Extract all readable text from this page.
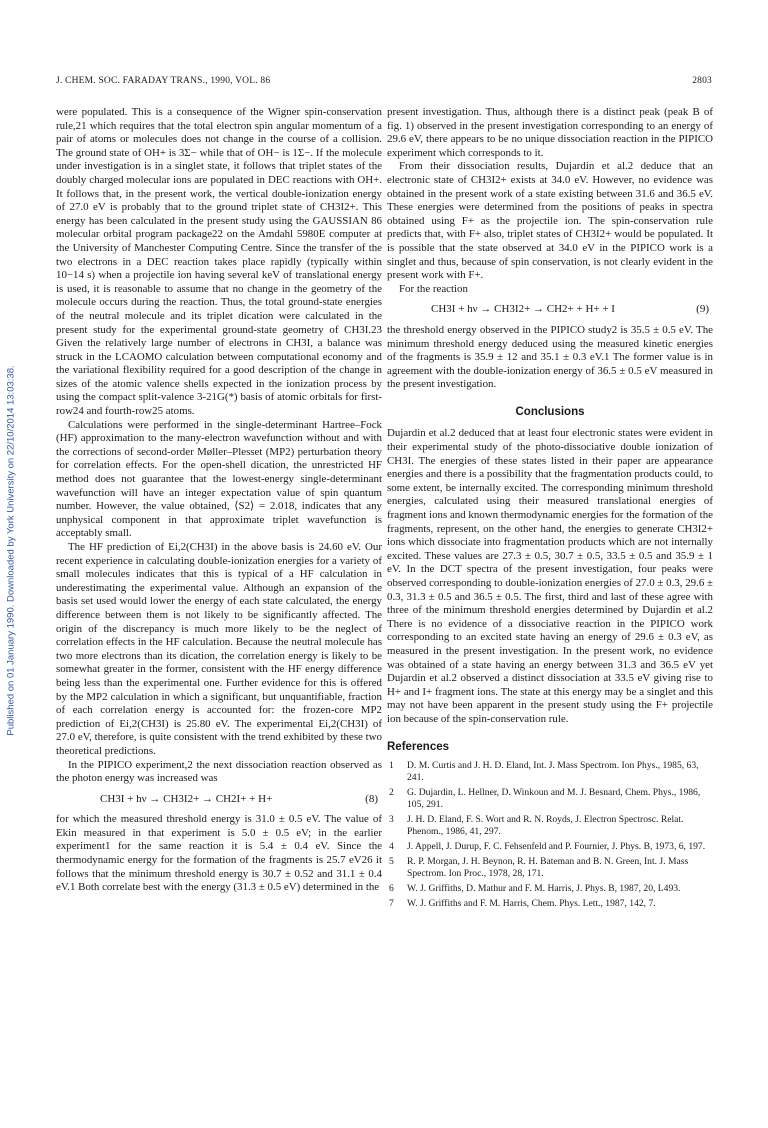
J. CHEM. SOC. FARADAY TRANS., 1990, VOL. 86	2803
Published on 01 January 1990. Downloaded by York University on 22/10/2014 13:03:38.

were populated. This is a consequence of the Wigner spin-conservation rule,21 which requires that the total electron spin angular momentum of a pair of atoms or molecules does not change in the course of a collision. The ground state of OH+ is 3Σ− while that of OH− is 1Σ−. If the molecule under investigation is in a singlet state, it follows that triplet states of the doubly charged molecular ions are populated in DEC reactions with OH+. It follows that, in the present work, the vertical double-ionization energy of 27.0 eV is probably that to the ground triplet state of CH3I2+. This energy has been calculated in the present study using the GAUSSIAN 86 molecular orbital program package22 on the Amdahl 5980E computer at the University of Manchester Computing Centre. Since the transfer of the two electrons in a DEC reaction takes place rapidly (typically within 10−14 s) when a projectile ion having several keV of translational energy is used, it is reasonable to assume that no change in the geometry of the molecule occurs during the reaction. Thus, the total ground-state energies of the neutral molecule and its triplet dication were calculated in the present study for the experimental ground-state geometry of CH3I.23 Given the relatively large number of electrons in CH3I, a balance was struck in the LCAOMO calculation between computational economy and the variational flexibility required for a good description of the change in sizes of the atomic valence shells expected in the ionization process by using the compact split-valence 3-21G(*) basis of atomic orbitals for first-row24 and fourth-row25 atoms.

Calculations were performed in the single-determinant Hartree–Fock (HF) approximation to the many-electron wavefunction without and with the corrections of second-order Møller–Plesset (MP2) perturbation theory for correlation effects. For the open-shell dication, the unrestricted HF method does not guarantee that the lowest-energy single-determinant wavefunction will have an integer expectation value of spin quantum number. However, the value obtained, ⟨S2⟩ = 2.018, indicates that any unphysical component in that approximate triplet wavefunction is acceptably small.

The HF prediction of Ei,2(CH3I) in the above basis is 24.60 eV. Our recent experience in calculating double-ionization energies for a variety of small molecules indicates that this is typical of a HF calculation in underestimating the experimental value. Although an expansion of the basis set used would lower the energy of each state calculated, the energy difference between them is not likely to be significantly affected. The origin of the discrepancy is much more likely to be the neglect of correlation effects in the HF calculation. Because the neutral molecule has two more electrons than its dication, the correlation energy is likely to be somewhat greater in the former, consistent with the HF energy difference being less than the experimental one. Further evidence for this is offered by the MP2 calculation in which a significant, but unquantifiable, fraction of each correlation energy is accounted for: the frozen-core MP2 prediction of Ei,2(CH3I) is 25.80 eV. The experimental Ei,2(CH3I) of 27.0 eV, therefore, is quite consistent with the trend exhibited by these two theoretical predictions.

In the PIPICO experiment,2 the next dissociation reaction observed as the photon energy was increased was

CH3I + hν → CH3I2+ → CH2I+ + H+	(8)

for which the measured threshold energy is 31.0 ± 0.5 eV. The value of Ekin measured in that experiment is 5.0 ± 0.5 eV; in the earlier experiment1 for the same reaction it is 5.4 ± 0.4 eV. Since the thermodynamic energy for the formation of the fragments is 25.7 eV26 it follows that the minimum threshold energy is 30.7 ± 0.52 and 31.1 ± 0.4 eV.1 Both correlate best with the energy (31.3 ± 0.5 eV) determined in the

present investigation. Thus, although there is a distinct peak (peak B of fig. 1) observed in the present investigation corresponding to an energy of 29.6 eV, there appears to be no unique dissociation reaction in the PIPICO experiment which corresponds to it.

From their dissociation results, Dujardin et al.2 deduce that an electronic state of CH3I2+ exists at 34.0 eV. However, no evidence was obtained in the present work of a state existing between 31.6 and 36.5 eV. These energies were determined from the positions of peaks in spectra obtained using F+ as the projectile ion. The spin-conservation rule predicts that, with F+ also, triplet states of CH3I2+ would be populated. It is possible that the state observed at 34.0 eV in the PIPICO work is a singlet and thus, because of spin conservation, is not clearly evident in the present work with F+.

For the reaction

CH3I + hν → CH3I2+ → CH2+ + H+ + I	(9)

the threshold energy observed in the PIPICO study2 is 35.5 ± 0.5 eV. The minimum threshold energy deduced using the measured kinetic energies of the fragments is 35.9 ± 12 and 35.1 ± 0.3 eV.1 The former value is in agreement with the double-ionization energy of 36.5 ± 0.5 eV measured in the present investigation.

Conclusions

Dujardin et al.2 deduced that at least four electronic states were evident in their experimental study of the photo-dissociative double ionization of CH3I. The energies of these states listed in their paper are appearance energies and there is a possibility that the fragmentation products could, to some extent, be internally excited. The corresponding minimum threshold energies, calculated using their measured translational energies of fragment ions and known thermodynamic energies for the formation of the fragments, represent, on the other hand, the energies to generate CH3I2+ ions which dissociate into fragmentation products which are not internally excited. These values are 27.3 ± 0.5, 30.7 ± 0.5, 33.5 ± 0.5 and 35.9 ± 1 eV. In the DCT spectra of the present investigation, four peaks were observed corresponding to double-ionization energies of 27.0 ± 0.3, 29.6 ± 0.3, 31.3 ± 0.5 and 36.5 ± 0.5. The first, third and last of these agree with three of the minimum threshold energies determined by Dujardin et al.2 There is no evidence of a dissociative reaction in the PIPICO work corresponding to an excited state having an energy of 29.6 ± 0.3 eV, as measured in the present investigation. In the present work, no evidence was obtained of a state having an energy between 31.3 and 36.5 eV yet Dujardin et al.2 observed a distinct dissociation at 33.5 eV giving rise to H+ and I+ fragment ions. The state at this energy may be a singlet and this may not have been apparent in the present study using the F+ projectile ion because of the spin-conservation rule.

References
1	D. M. Curtis and J. H. D. Eland, Int. J. Mass Spectrom. Ion Phys., 1985, 63, 241.
2	G. Dujardin, L. Hellner, D. Winkoun and M. J. Besnard, Chem. Phys., 1986, 105, 291.
3	J. H. D. Eland, F. S. Wort and R. N. Royds, J. Electron Spectrosc. Relat. Phenom., 1986, 41, 297.
4	J. Appell, J. Durup, F. C. Fehsenfeld and P. Fournier, J. Phys. B, 1973, 6, 197.
5	R. P. Morgan, J. H. Beynon, R. H. Bateman and B. N. Green, Int. J. Mass Spectrom. Ion Proc., 1978, 28, 171.
6	W. J. Griffiths, D. Mathur and F. M. Harris, J. Phys. B, 1987, 20, L493.
7	W. J. Griffiths and F. M. Harris, Chem. Phys. Lett., 1987, 142, 7.
